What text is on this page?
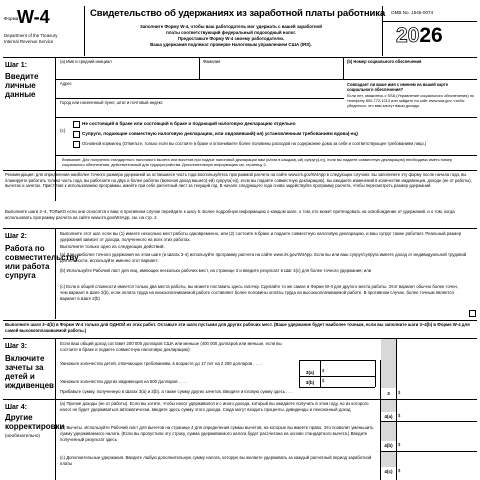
Форма
W-4
Department of the Treasury
Internal Revenue Service
Свидетельство об удержаниях из заработной платы работника
Заполните Форму W-4, чтобы ваш работодатель мог удержать с вашей заработной
платы соответствующий федеральный подоходный налог.
Предоставьте Форму W-4 своему работодателю.
Ваша удержания подлежат проверке Налоговым управлением США (IRS).
OMB No. 1545-0074
2026
Шаг 1:
Введите личные данные
(a) Имя и средний инициал	Фамилия	(b) Номер социального обеспечения
Адрес
Город или населенный пункт, штат и почтовый индекс
Совпадает ли ваше имя с именем на вашей карте социального обеспечения?
Если нет, свяжитесь с SSA (Управление социального обеспечения) по телефону 800-772-1213 или зайдите на сайт www.ssa.gov, чтобы убедиться, что вам зачтут ваши доходы.
(c)
Не состоящий в браке или состоящий в браке и подающий налоговую декларацию отдельно
Супруги, подающие совместную налоговую декларацию, или овдовевший(-ая) установленным требованиям вдова(-ец)
Основной кормилец (Отметьте, только если вы состоите в браке и оплачиваете более половины расходов на содержание дома за себя и соответствующее требованиям лицо.)
Внимание: Для получения стандартного налогового вычета или вычетов при подаче налоговой декларации вам (и/или в каждом(-ой) супругу(-е)), если вы подаете совместную декларацию) необходимо иметь номер социального обеспечения, действительный для трудоустройства. Дополнительную информацию см. страницу 2.
Рекомендация: для определения наиболее точного размера удержаний за оставшиеся часть года воспользуйтесь программой расчета на сайте www.irs.gov/W4App в следующих случаях: вы заполняете эту форму после начала года, вы планируете работать только часть года, вы работаете на двух и более работах (включая доход вашего(-ей) супруга(-и)), если вы подаёте совместную декларацию), вы ожидаете изменений в количестве иждивенцев, доходе (не от работы), вычетах и зачетах. Приступая к использованию программы, имейте при себе расчетный лист за текущий год. В начале следующего года снова задействуйте программу расчета, чтобы пересмотреть размер удержаний.
Выполните шаги 2–4, ТОЛЬКО если они относятся к вам; в противном случае перейдите к шагу 5. Более подробную информацию о каждом шаге, о том, кто может претендовать на освобождение от удержаний, и о том, когда использовать программу расчета на сайте www.irs.gov/W4App, см. на стр. 2.
Шаг 2:
Работа по совместительству или работа супруга
Выполните этот шаг, если вы (1) имеете несколько мест работы одновременно, или (2) состоите в браке и подаете совместную налоговую декларацию, и ваш супруг также работает. Реальный размер удержаний зависит от дохода, полученного на всех этих работах.
Выполните только одно из следующих действий.
(a) Для наиболее точного удержания на этом шаге (и Шагах 3-4) используйте программу расчета на сайте www.irs.gov/W4App. Если вы или ваш супруг/супруга имеете доход от индивидуальной трудовой деятельности, используйте именно этот вариант;
(b) Используйте Рабочий лист для лиц, имеющих несколько рабочих мест, на странице 3 и введите результат в Шаг 4(c) для более точного удержания; или
(c) Если в общей сложности имеется только два места работы, вы можете поставить здесь галочку. Сделайте то же самое в Форме W-4 для другого места работы. Этот вариант обычно более точен, чем вариант в Шаге 2(b), если оплата труда на низкооплачиваемой работе составляет более половины оплаты труда на высокооплачиваемой работе. В противном случае, более точным является вариант в Шаге 2(b)
Выполните шаги 3–4(b) в Форме W-4 только для ОДНОЙ из этих работ. Оставьте эти шаги пустыми для других рабочих мест. (Ваше удержание будет наиболее точным, если вы заполните шаги 3–4(b) в Форме W-4 для самой высокооплачиваемой работы.)
Шаг 3:
Включите зачеты за детей и иждивенцев
Если ваш общий доход составит 200 000 долларов США или меньше (400 000 долларов или меньше, если вы состоите в браке и подаете совместную налоговую декларацию):
Умножьте количество детей, отвечающих требованиям, в возрасте до 17 лет на 2 200 долларов . . . .
3(a)	$
Умножьте количество других иждивенцев на 500 долларов . . . .	3(b)	$
Прибавьте сумму, полученную в Шагах 3(a) и 3(b), а также сумму других зачетов. Введите итоговую сумму здесь . . .	3	$
Шаг 4:
Другие
корректировки
(необязательно)
(a) Прочие доходы (не от работы). Если вы хотите, чтобы налог удерживался и с иного дохода, который вы ожидаете получить в этом году, но из которого налог не будет удерживаться автоматически, введите здесь сумму этого дохода. Сюда могут входить проценты, дивиденды и пенсионный доход
(b) Вычеты. Используйте Рабочий лист для вычетов на странице 4 для определения суммы вычетов, на которые вы имеете право. Это позволит уменьшить сумму удерживаемого налога. (Если вы пропустили эту строку, сумма удерживаемого налога будет рассчитана на основе стандартного вычета.) Введите полученный результат здесь
(c) Дополнительные удержания. Введите любую дополнительную сумму налога, которую вы желаете удерживать за каждый расчетный период заработной платы
4(a)	$
4(b)	$
4(c)	$
